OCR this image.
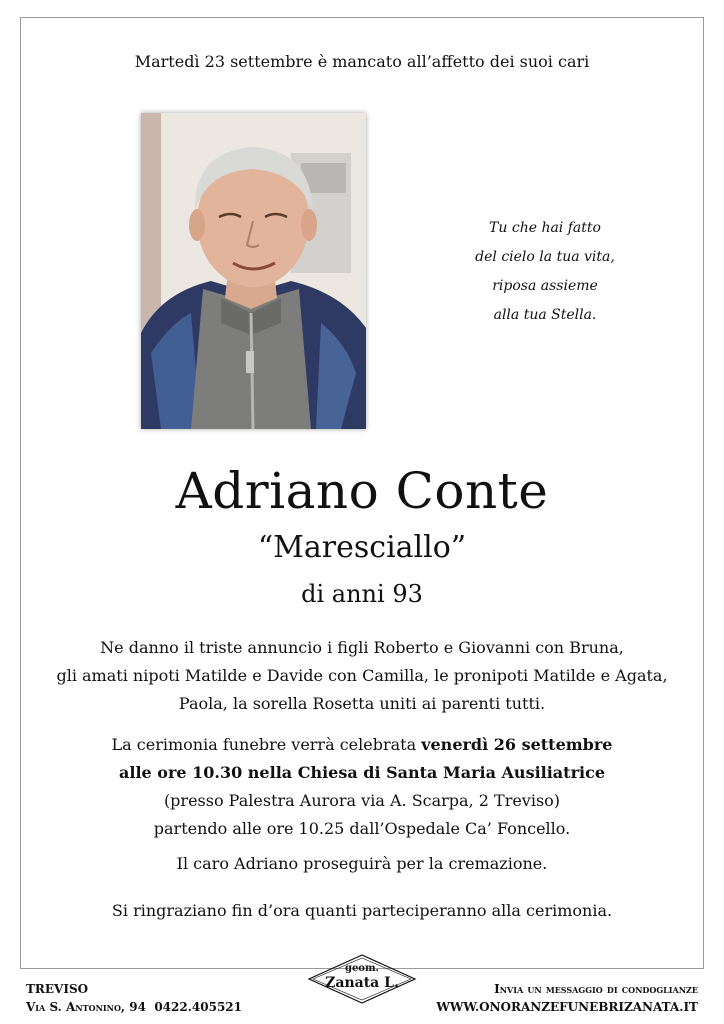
Martedì 23 settembre è mancato all’affetto dei suoi cari
Tu che hai fatto
del cielo la tua vita,
riposa assieme
alla tua Stella.
Adriano Conte
“Maresciallo”
di anni 93
Ne danno il triste annuncio i figli Roberto e Giovanni con Bruna,
gli amati nipoti Matilde e Davide con Camilla, le pronipoti Matilde e Agata,
Paola, la sorella Rosetta uniti ai parenti tutti.
La cerimonia funebre verrà celebrata venerdì 26 settembre
alle ore 10.30 nella Chiesa di Santa Maria Ausiliatrice
(presso Palestra Aurora via A. Scarpa, 2 Treviso)
partendo alle ore 10.25 dall’Ospedale Ca’ Foncello.
Il caro Adriano proseguirà per la cremazione.
Si ringraziano fin d’ora quanti parteciperanno alla cerimonia.
TREVISO
Via S. Antonino, 94 0422.405521
geom.
Zanata L.	Invia un messaggio di condoglianze
WWW.ONORANZEFUNEBRIZANATA.IT
